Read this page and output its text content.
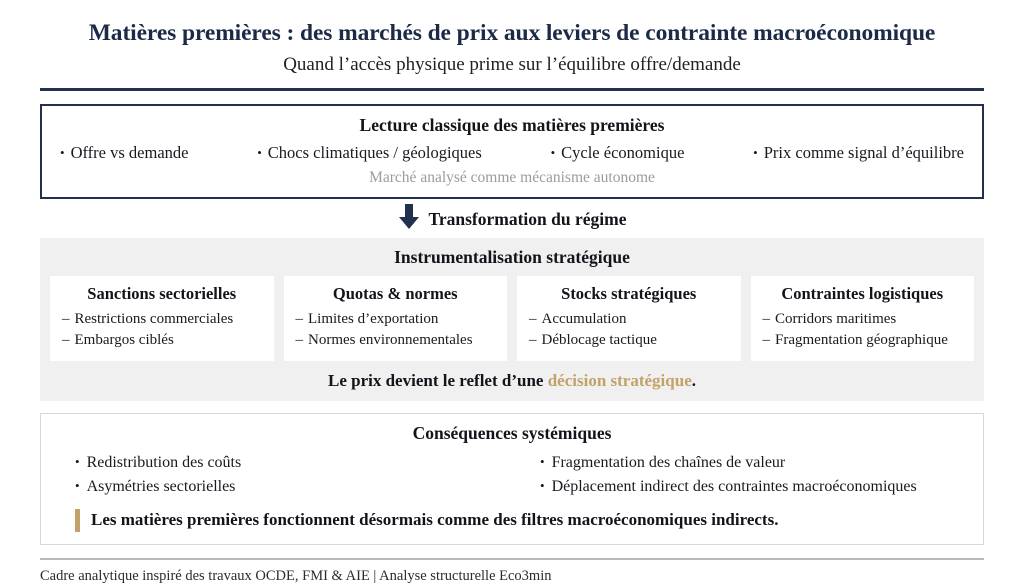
Matières premières : des marchés de prix aux leviers de contrainte macroéconomique
Quand l’accès physique prime sur l’équilibre offre/demande
Lecture classique des matières premières
• Offre vs demande	• Chocs climatiques / géologiques	• Cycle économique	• Prix comme signal d’équilibre
Marché analysé comme mécanisme autonome
Transformation du régime
Instrumentalisation stratégique
Sanctions sectorielles
– Restrictions commerciales
– Embargos ciblés
Quotas & normes
– Limites d’exportation
– Normes environnementales
Stocks stratégiques
– Accumulation
– Déblocage tactique
Contraintes logistiques
– Corridors maritimes
– Fragmentation géographique
Le prix devient le reflet d’une décision stratégique.
Conséquences systémiques
• Redistribution des coûts
• Asymétries sectorielles
• Fragmentation des chaînes de valeur
• Déplacement indirect des contraintes macroéconomiques
Les matières premières fonctionnent désormais comme des filtres macroéconomiques indirects.
Cadre analytique inspiré des travaux OCDE, FMI & AIE | Analyse structurelle Eco3min
